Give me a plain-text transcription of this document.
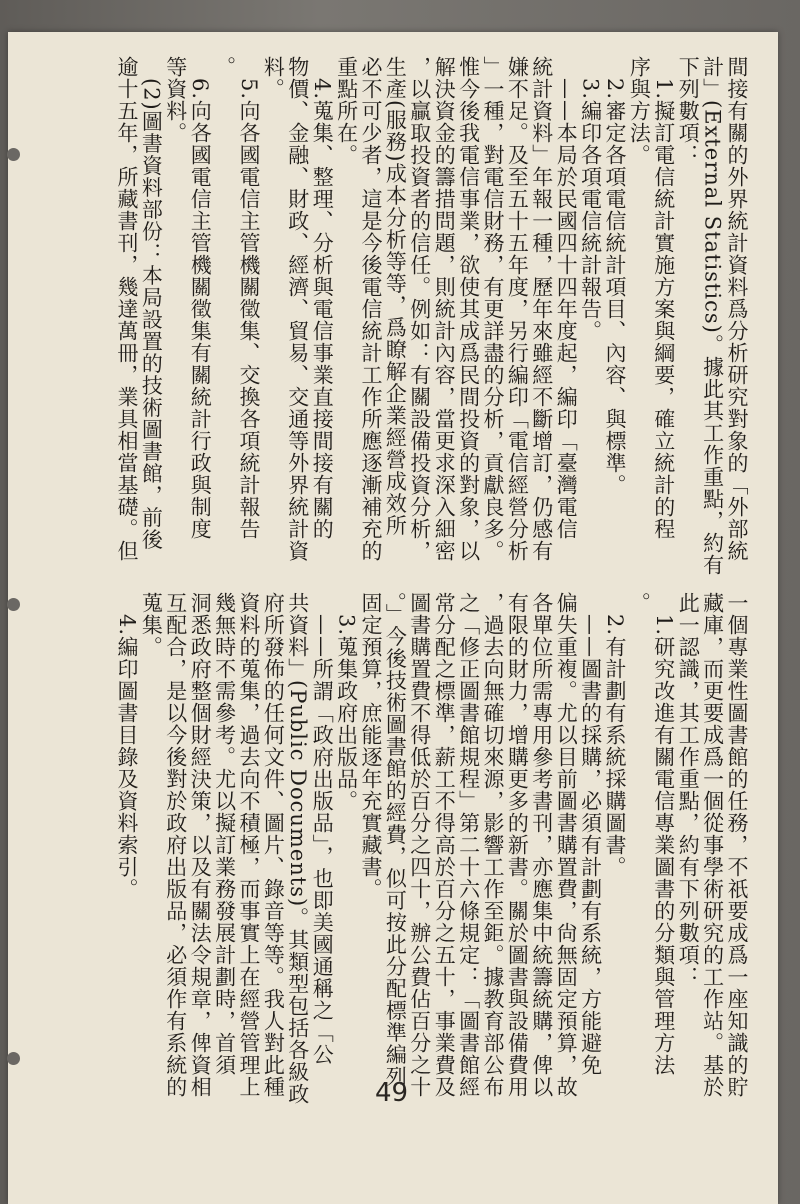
間接有關的外界統計資料爲分析研究對象的「外部統
計」(External Statistics)。據此其工作重點，約有
下列數項：
　1.擬訂電信統計實施方案與綱要，確立統計的程
序與方法。
　2.審定各項電信統計項目、內容、與標準。
　3.編印各項電信統計報告。
　——本局於民國四十四年度起，編印「臺灣電信
統計資料」年報一種，歷年來雖經不斷增訂，仍感有
嫌不足。及至五十五年度，另行編印「電信經營分析
」一種，對電信財務，有更詳盡的分析，貢獻良多。
惟今後我電信事業，欲使其成爲民間投資的對象，以
解決資金的籌措問題，則統計內容，當更求深入細密
，以贏取投資者的信任。例如：有關設備投資分析，
生產(服務)成本分析等等，爲瞭解企業經營成效所
必不可少者，這是今後電信統計工作所應逐漸補充的
重點所在。
　4.蒐集、整理、分析與電信事業直接間接有關的
物價、金融、財政、經濟、貿易、交通等外界統計資
料。
　5.向各國電信主管機關徵集、交換各項統計報告
。
　6.向各國電信主管機關徵集有關統計行政與制度
等資料。
　(2)圖書資料部份：本局設置的技術圖書館，前後
逾十五年，所藏書刊，幾達萬冊，業具相當基礎。但
一個專業性圖書館的任務，不祇要成爲一座知識的貯
藏庫，而更要成爲一個從事學術研究的工作站。基於
此一認識，其工作重點，約有下列數項：
　1.研究改進有關電信專業圖書的分類與管理方法
。
　2.有計劃有系統採購圖書。
　——圖書的採購，必須有計劃有系統，方能避免
偏失重複。尤以目前圖書購置費，尙無固定預算，故
各單位所需專用參考書刊，亦應集中統籌統購，俾以
有限的財力，增購更多的新書。關於圖書與設備費用
，過去向無確切來源，影響工作至鉅。據教育部公布
之「修正圖書館規程」第二十六條規定：「圖書館經
常分配之標準，薪工不得高於百分之五十，事業費及
圖書購置費不得低於百分之四十，辦公費佔百分之十
。」今後技術圖書館的經費，似可按此分配標準編列
固定預算，庶能逐年充實藏書。
　3.蒐集政府出版品。
　——所謂「政府出版品」，也即美國通稱之「公
共資料」(Public Documents)。其類型包括各級政
府所發佈的任何文件、圖片、錄音等等。我人對此種
資料的蒐集，過去向不積極，而事實上在經營管理上
幾無時不需參考。尤以擬訂業務發展計劃時，首須
洞悉政府整個財經決策，以及有關法令規章，俾資相
互配合，是以今後對於政府出版品，必須作有系統的
蒐集。
　4.編印圖書目錄及資料索引。
49
